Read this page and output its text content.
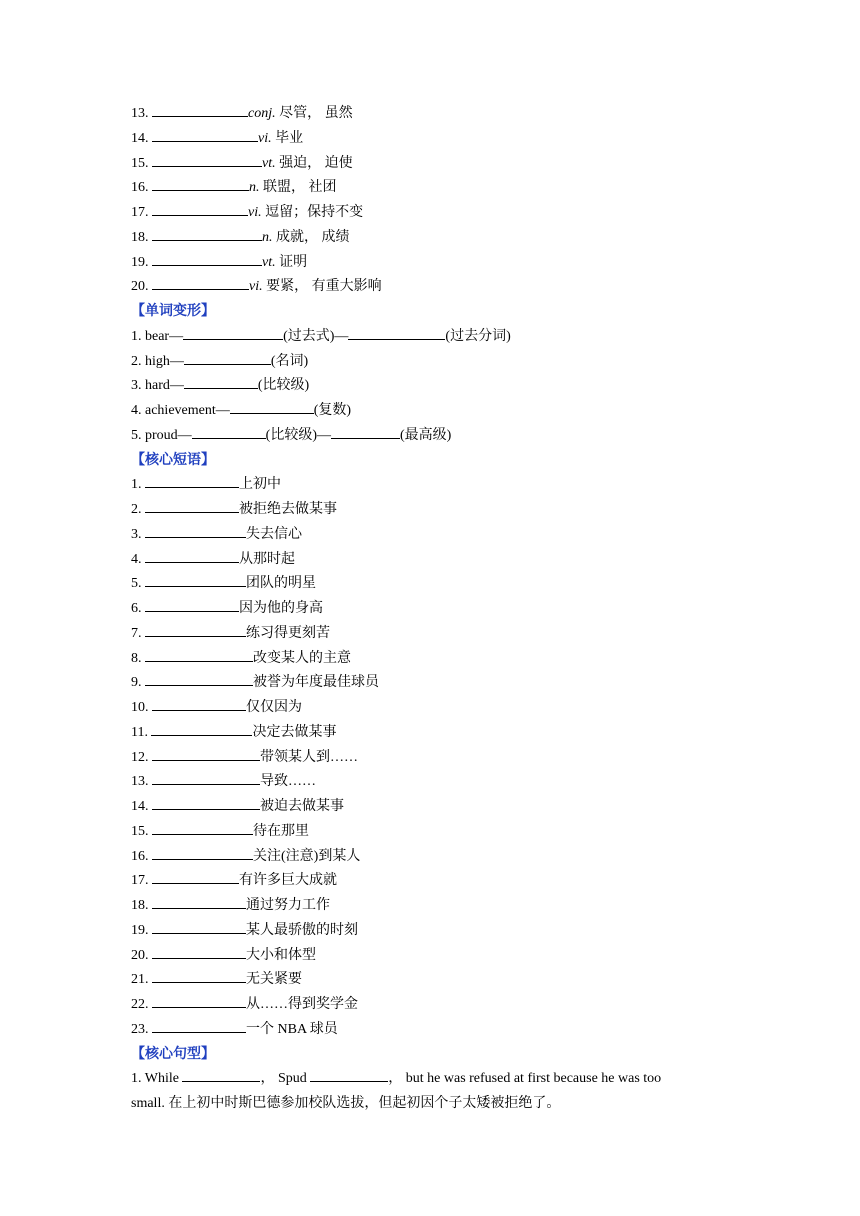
13.	conj. 尽管， 虽然
14.	vi. 毕业
15.	vt. 强迫， 迫使
16.	n. 联盟， 社团
17.	vi. 逗留；保持不变
18.	n. 成就， 成绩
19.	vt. 证明
20.	vi. 要紧， 有重大影响
【单词变形】
1. bear—	(过去式)—	(过去分词)
2. high—	(名词)
3. hard—	(比较级)
4. achievement—	(复数)
5. proud—	(比较级)—	(最高级)
【核心短语】
1.	上初中
2.	被拒绝去做某事
3.	失去信心
4.	从那时起
5.	团队的明星
6.	因为他的身高
7.	练习得更刻苦
8.	改变某人的主意
9.	被誉为年度最佳球员
10.	仅仅因为
11.	决定去做某事
12.	带领某人到……
13.	导致……
14.	被迫去做某事
15.	待在那里
16.	关注(注意)到某人
17.	有许多巨大成就
18.	通过努力工作
19.	某人最骄傲的时刻
20.	大小和体型
21.	无关紧要
22.	从……得到奖学金
23.	一个 NBA 球员
【核心句型】
1. While	， Spud	， but he was refused at first because he was too
small. 在上初中时斯巴德参加校队选拔，但起初因个子太矮被拒绝了。
